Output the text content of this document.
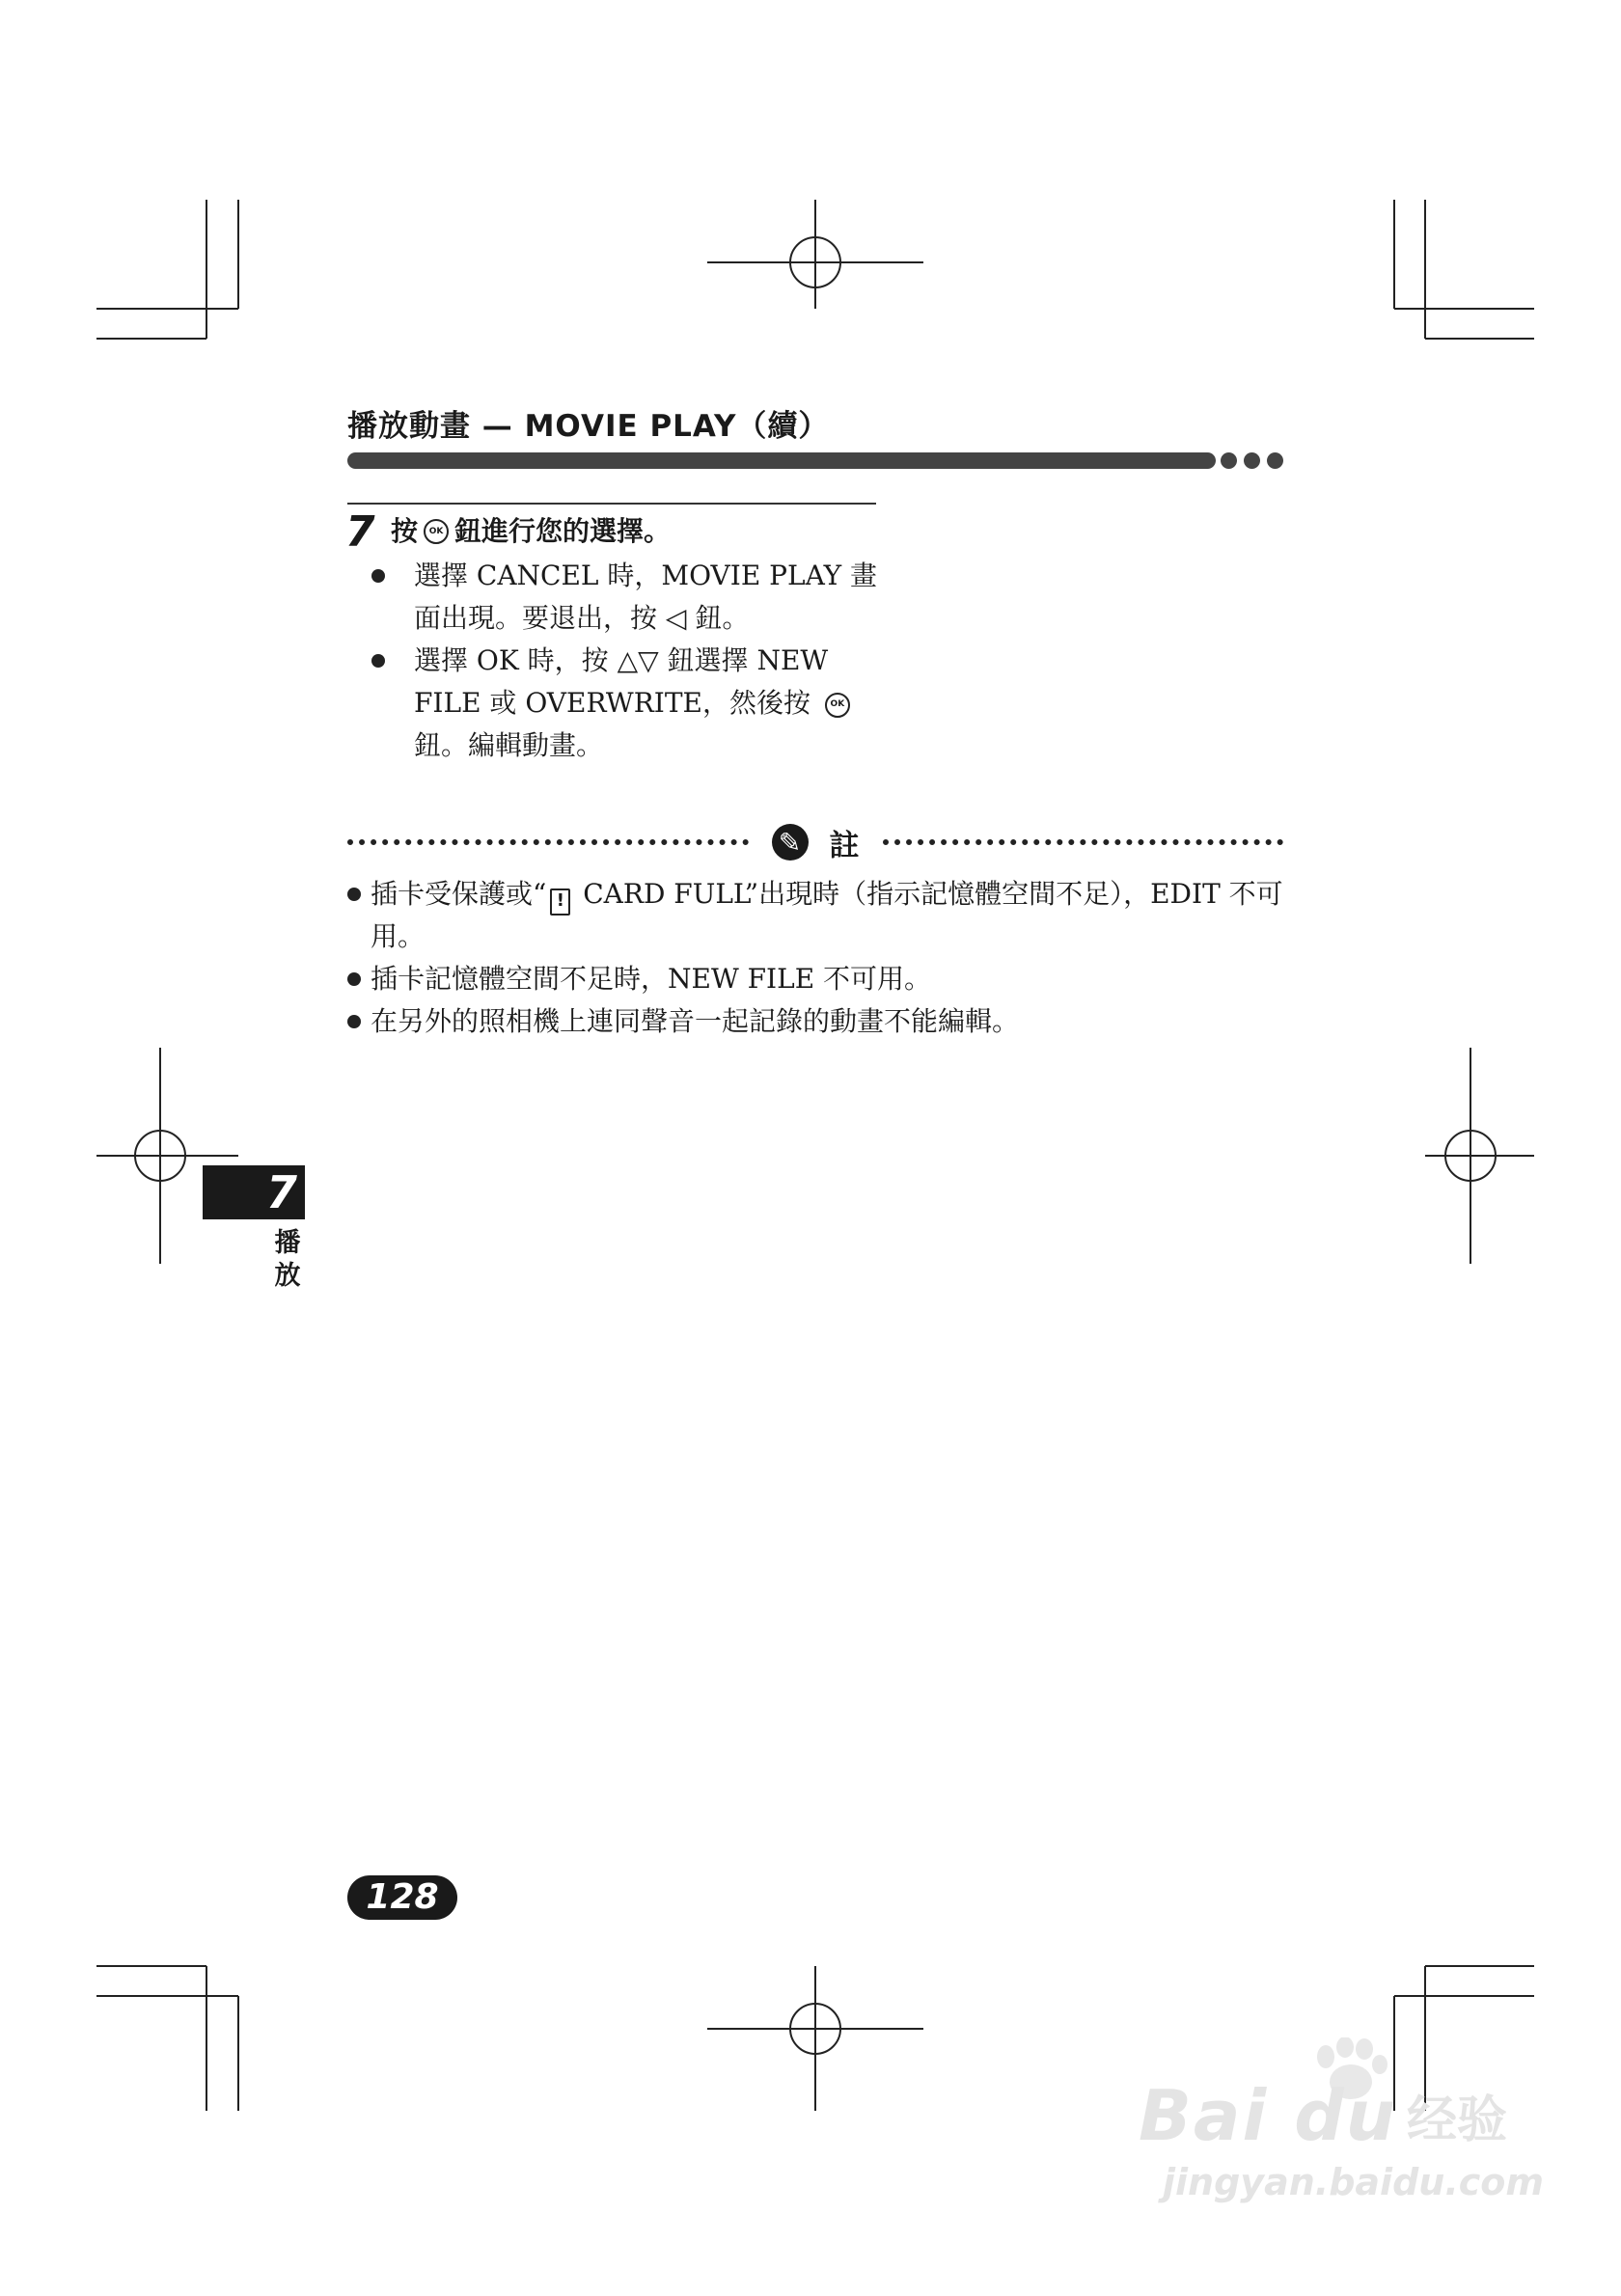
播放動畫 — MOVIE PLAY（續）
7 按	OK 鈕進行您的選擇。
選擇 CANCEL 時，MOVIE PLAY 畫面出現。要退出，按 ◁ 鈕。
選擇 OK 時，按 △▽ 鈕選擇 NEW FILE 或 OVERWRITE，然後按 OK 鈕。編輯動畫。
✎ 註
插卡受保護或“ ! CARD FULL”出現時（指示記憶體空間不足），EDIT 不可用。
插卡記憶體空間不足時，NEW FILE 不可用。
在另外的照相機上連同聲音一起記錄的動畫不能編輯。
7
播放
128
Bai du 经验
jingyan.baidu.com
